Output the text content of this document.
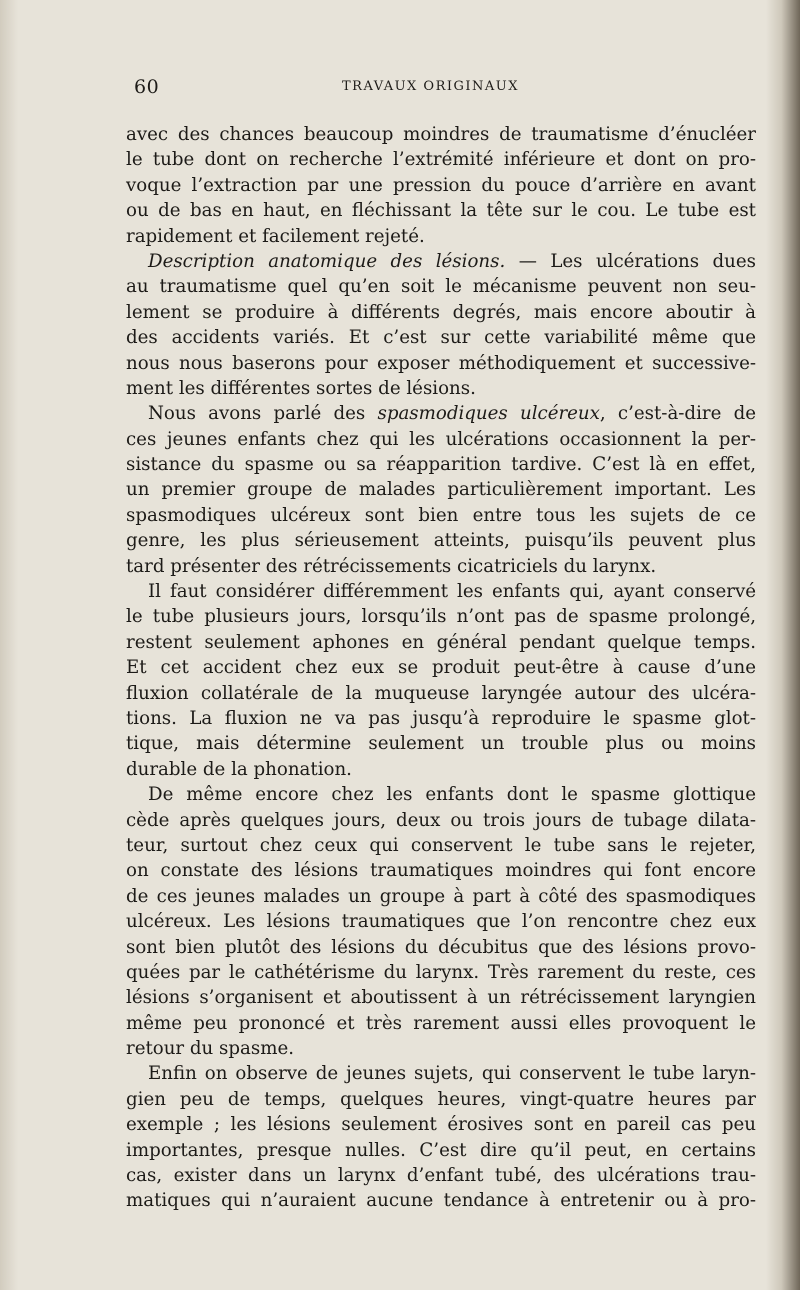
60	TRAVAUX ORIGINAUX
avec des chances beaucoup moindres de traumatisme d’énucléer
le tube dont on recherche l’extrémité inférieure et dont on pro-
voque l’extraction par une pression du pouce d’arrière en avant
ou de bas en haut, en fléchissant la tête sur le cou. Le tube est
rapidement et facilement rejeté.
Description anatomique des lésions. — Les ulcérations dues
au traumatisme quel qu’en soit le mécanisme peuvent non seu-
lement se produire à différents degrés, mais encore aboutir à
des accidents variés. Et c’est sur cette variabilité même que
nous nous baserons pour exposer méthodiquement et successive-
ment les différentes sortes de lésions.
Nous avons parlé des spasmodiques ulcéreux, c’est-à-dire de
ces jeunes enfants chez qui les ulcérations occasionnent la per-
sistance du spasme ou sa réapparition tardive. C’est là en effet,
un premier groupe de malades particulièrement important. Les
spasmodiques ulcéreux sont bien entre tous les sujets de ce
genre, les plus sérieusement atteints, puisqu’ils peuvent plus
tard présenter des rétrécissements cicatriciels du larynx.
Il faut considérer différemment les enfants qui, ayant conservé
le tube plusieurs jours, lorsqu’ils n’ont pas de spasme prolongé,
restent seulement aphones en général pendant quelque temps.
Et cet accident chez eux se produit peut-être à cause d’une
fluxion collatérale de la muqueuse laryngée autour des ulcéra-
tions. La fluxion ne va pas jusqu’à reproduire le spasme glot-
tique, mais détermine seulement un trouble plus ou moins
durable de la phonation.
De même encore chez les enfants dont le spasme glottique
cède après quelques jours, deux ou trois jours de tubage dilata-
teur, surtout chez ceux qui conservent le tube sans le rejeter,
on constate des lésions traumatiques moindres qui font encore
de ces jeunes malades un groupe à part à côté des spasmodiques
ulcéreux. Les lésions traumatiques que l’on rencontre chez eux
sont bien plutôt des lésions du décubitus que des lésions provo-
quées par le cathétérisme du larynx. Très rarement du reste, ces
lésions s’organisent et aboutissent à un rétrécissement laryngien
même peu prononcé et très rarement aussi elles provoquent le
retour du spasme.
Enfin on observe de jeunes sujets, qui conservent le tube laryn-
gien peu de temps, quelques heures, vingt-quatre heures par
exemple ; les lésions seulement érosives sont en pareil cas peu
importantes, presque nulles. C’est dire qu’il peut, en certains
cas, exister dans un larynx d’enfant tubé, des ulcérations trau-
matiques qui n’auraient aucune tendance à entretenir ou à pro-
